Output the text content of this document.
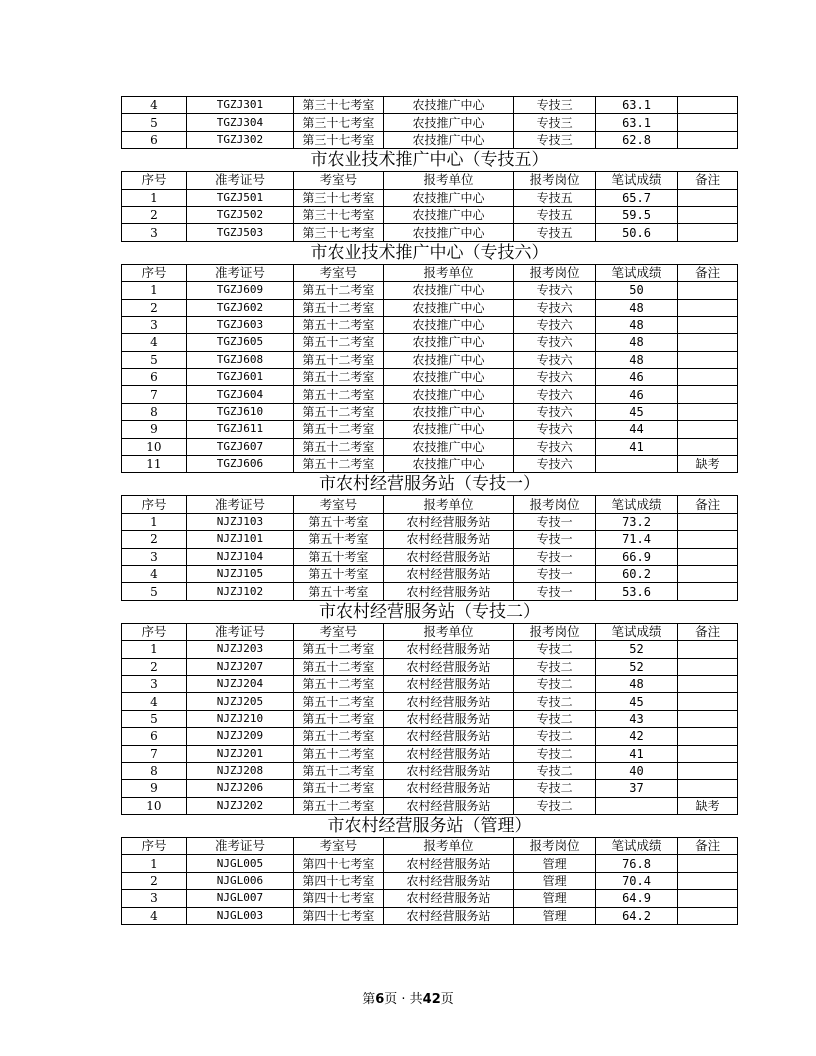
4	TGZJ301	第三十七考室	农技推广中心	专技三	63.1	
5	TGZJ304	第三十七考室	农技推广中心	专技三	63.1	
6	TGZJ302	第三十七考室	农技推广中心	专技三	62.8	
市农业技术推广中心（专技五）
序号	准考证号	考室号	报考单位	报考岗位	笔试成绩	备注
1	TGZJ501	第三十七考室	农技推广中心	专技五	65.7	
2	TGZJ502	第三十七考室	农技推广中心	专技五	59.5	
3	TGZJ503	第三十七考室	农技推广中心	专技五	50.6	
市农业技术推广中心（专技六）
序号	准考证号	考室号	报考单位	报考岗位	笔试成绩	备注
1	TGZJ609	第五十二考室	农技推广中心	专技六	50	
2	TGZJ602	第五十二考室	农技推广中心	专技六	48	
3	TGZJ603	第五十二考室	农技推广中心	专技六	48	
4	TGZJ605	第五十二考室	农技推广中心	专技六	48	
5	TGZJ608	第五十二考室	农技推广中心	专技六	48	
6	TGZJ601	第五十二考室	农技推广中心	专技六	46	
7	TGZJ604	第五十二考室	农技推广中心	专技六	46	
8	TGZJ610	第五十二考室	农技推广中心	专技六	45	
9	TGZJ611	第五十二考室	农技推广中心	专技六	44	
10	TGZJ607	第五十二考室	农技推广中心	专技六	41	
11	TGZJ606	第五十二考室	农技推广中心	专技六		缺考
市农村经营服务站（专技一）
序号	准考证号	考室号	报考单位	报考岗位	笔试成绩	备注
1	NJZJ103	第五十考室	农村经营服务站	专技一	73.2	
2	NJZJ101	第五十考室	农村经营服务站	专技一	71.4	
3	NJZJ104	第五十考室	农村经营服务站	专技一	66.9	
4	NJZJ105	第五十考室	农村经营服务站	专技一	60.2	
5	NJZJ102	第五十考室	农村经营服务站	专技一	53.6	
市农村经营服务站（专技二）
序号	准考证号	考室号	报考单位	报考岗位	笔试成绩	备注
1	NJZJ203	第五十二考室	农村经营服务站	专技二	52	
2	NJZJ207	第五十二考室	农村经营服务站	专技二	52	
3	NJZJ204	第五十二考室	农村经营服务站	专技二	48	
4	NJZJ205	第五十二考室	农村经营服务站	专技二	45	
5	NJZJ210	第五十二考室	农村经营服务站	专技二	43	
6	NJZJ209	第五十二考室	农村经营服务站	专技二	42	
7	NJZJ201	第五十二考室	农村经营服务站	专技二	41	
8	NJZJ208	第五十二考室	农村经营服务站	专技二	40	
9	NJZJ206	第五十二考室	农村经营服务站	专技二	37	
10	NJZJ202	第五十二考室	农村经营服务站	专技二		缺考
市农村经营服务站（管理）
序号	准考证号	考室号	报考单位	报考岗位	笔试成绩	备注
1	NJGL005	第四十七考室	农村经营服务站	管理	76.8	
2	NJGL006	第四十七考室	农村经营服务站	管理	70.4	
3	NJGL007	第四十七考室	农村经营服务站	管理	64.9	
4	NJGL003	第四十七考室	农村经营服务站	管理	64.2	
第6页 · 共42页
